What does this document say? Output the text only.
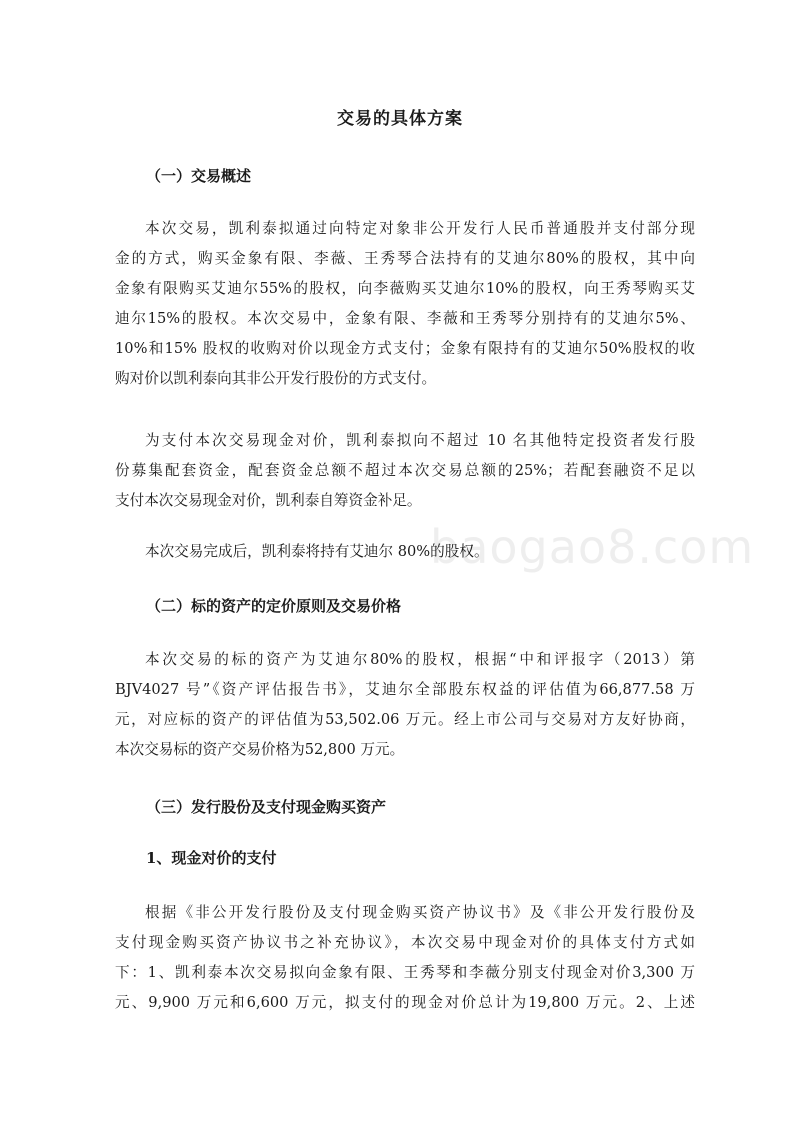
baogao8.com
交易的具体方案
（一）交易概述
本次交易，凯利泰拟通过向特定对象非公开发行人民币普通股并支付部分现
金的方式，购买金象有限、李薇、王秀琴合法持有的艾迪尔80%的股权，其中向
金象有限购买艾迪尔55%的股权，向李薇购买艾迪尔10%的股权，向王秀琴购买艾
迪尔15%的股权。本次交易中，金象有限、李薇和王秀琴分别持有的艾迪尔5%、
10%和15% 股权的收购对价以现金方式支付；金象有限持有的艾迪尔50%股权的收
购对价以凯利泰向其非公开发行股份的方式支付。
为支付本次交易现金对价，凯利泰拟向不超过 10 名其他特定投资者发行股
份募集配套资金，配套资金总额不超过本次交易总额的25%；若配套融资不足以
支付本次交易现金对价，凯利泰自筹资金补足。
本次交易完成后，凯利泰将持有艾迪尔 80%的股权。
（二）标的资产的定价原则及交易价格
本次交易的标的资产为艾迪尔80%的股权，根据“中和评报字（2013）第
BJV4027 号”《资产评估报告书》，艾迪尔全部股东权益的评估值为66,877.58 万
元，对应标的资产的评估值为53,502.06 万元。经上市公司与交易对方友好协商，
本次交易标的资产交易价格为52,800 万元。
（三）发行股份及支付现金购买资产
1、现金对价的支付
根据《非公开发行股份及支付现金购买资产协议书》及《非公开发行股份及
支付现金购买资产协议书之补充协议》，本次交易中现金对价的具体支付方式如
下：1、凯利泰本次交易拟向金象有限、王秀琴和李薇分别支付现金对价3,300 万
元、9,900 万元和6,600 万元，拟支付的现金对价总计为19,800 万元。2、上述
